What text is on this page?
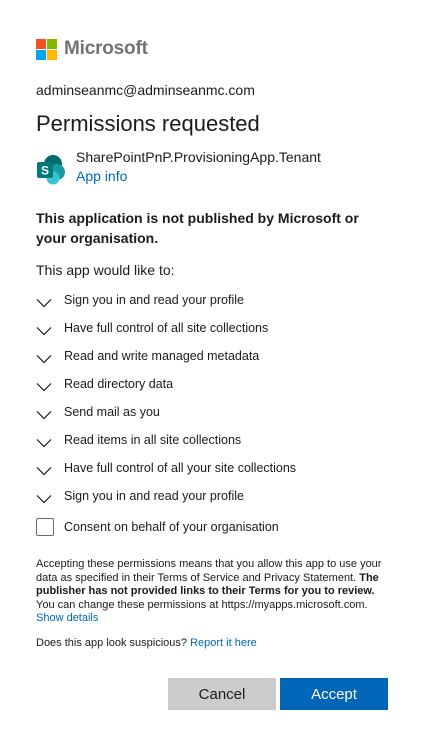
Microsoft
adminseanmc@adminseanmc.com
Permissions requested
S
SharePointPnP.ProvisioningApp.Tenant
App info
This application is not published by Microsoft or your organisation.
This app would like to:
Sign you in and read your profile
Have full control of all site collections
Read and write managed metadata
Read directory data
Send mail as you
Read items in all site collections
Have full control of all your site collections
Sign you in and read your profile
Consent on behalf of your organisation
Accepting these permissions means that you allow this app to use your data as specified in their Terms of Service and Privacy Statement. The publisher has not provided links to their Terms for you to review. You can change these permissions at https://myapps.microsoft.com. Show details
Does this app look suspicious? Report it here
Cancel	Accept
